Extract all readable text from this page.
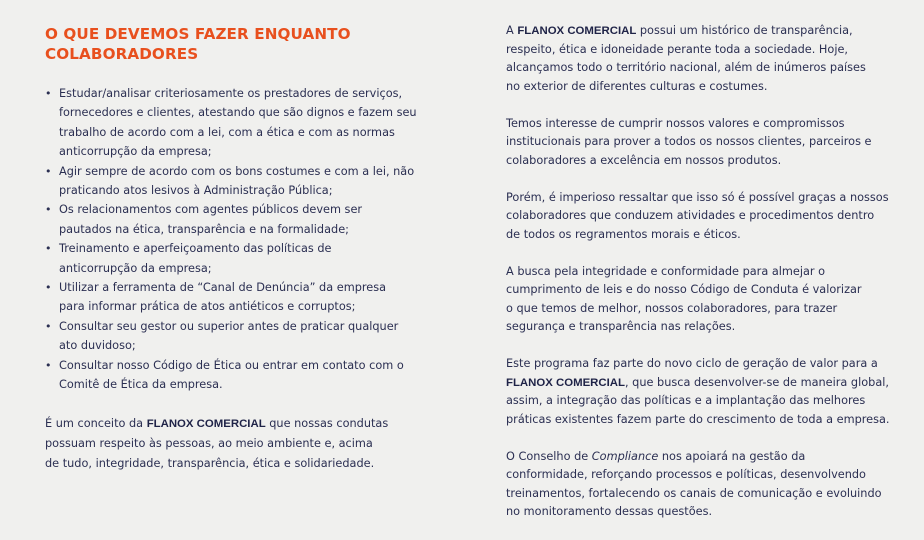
O QUE DEVEMOS FAZER ENQUANTO
COLABORADORES
• Estudar/analisar criteriosamente os prestadores de serviços,
fornecedores e clientes, atestando que são dignos e fazem seu
trabalho de acordo com a lei, com a ética e com as normas
anticorrupção da empresa;
• Agir sempre de acordo com os bons costumes e com a lei, não
praticando atos lesivos à Administração Pública;
• Os relacionamentos com agentes públicos devem ser
pautados na ética, transparência e na formalidade;
• Treinamento e aperfeiçoamento das políticas de
anticorrupção da empresa;
• Utilizar a ferramenta de “Canal de Denúncia” da empresa
para informar prática de atos antiéticos e corruptos;
• Consultar seu gestor ou superior antes de praticar qualquer
ato duvidoso;
• Consultar nosso Código de Ética ou entrar em contato com o
Comitê de Ética da empresa.

É um conceito da FLANOX COMERCIAL que nossas condutas
possuam respeito às pessoas, ao meio ambiente e, acima
de tudo, integridade, transparência, ética e solidariedade.

A FLANOX COMERCIAL possui um histórico de transparência,
respeito, ética e idoneidade perante toda a sociedade. Hoje,
alcançamos todo o território nacional, além de inúmeros países
no exterior de diferentes culturas e costumes.

Temos interesse de cumprir nossos valores e compromissos
institucionais para prover a todos os nossos clientes, parceiros e
colaboradores a excelência em nossos produtos.

Porém, é imperioso ressaltar que isso só é possível graças a nossos
colaboradores que conduzem atividades e procedimentos dentro
de todos os regramentos morais e éticos.

A busca pela integridade e conformidade para almejar o
cumprimento de leis e do nosso Código de Conduta é valorizar
o que temos de melhor, nossos colaboradores, para trazer
segurança e transparência nas relações.

Este programa faz parte do novo ciclo de geração de valor para a
FLANOX COMERCIAL, que busca desenvolver-se de maneira global,
assim, a integração das políticas e a implantação das melhores
práticas existentes fazem parte do crescimento de toda a empresa.

O Conselho de Compliance nos apoiará na gestão da
conformidade, reforçando processos e políticas, desenvolvendo
treinamentos, fortalecendo os canais de comunicação e evoluindo
no monitoramento dessas questões.
